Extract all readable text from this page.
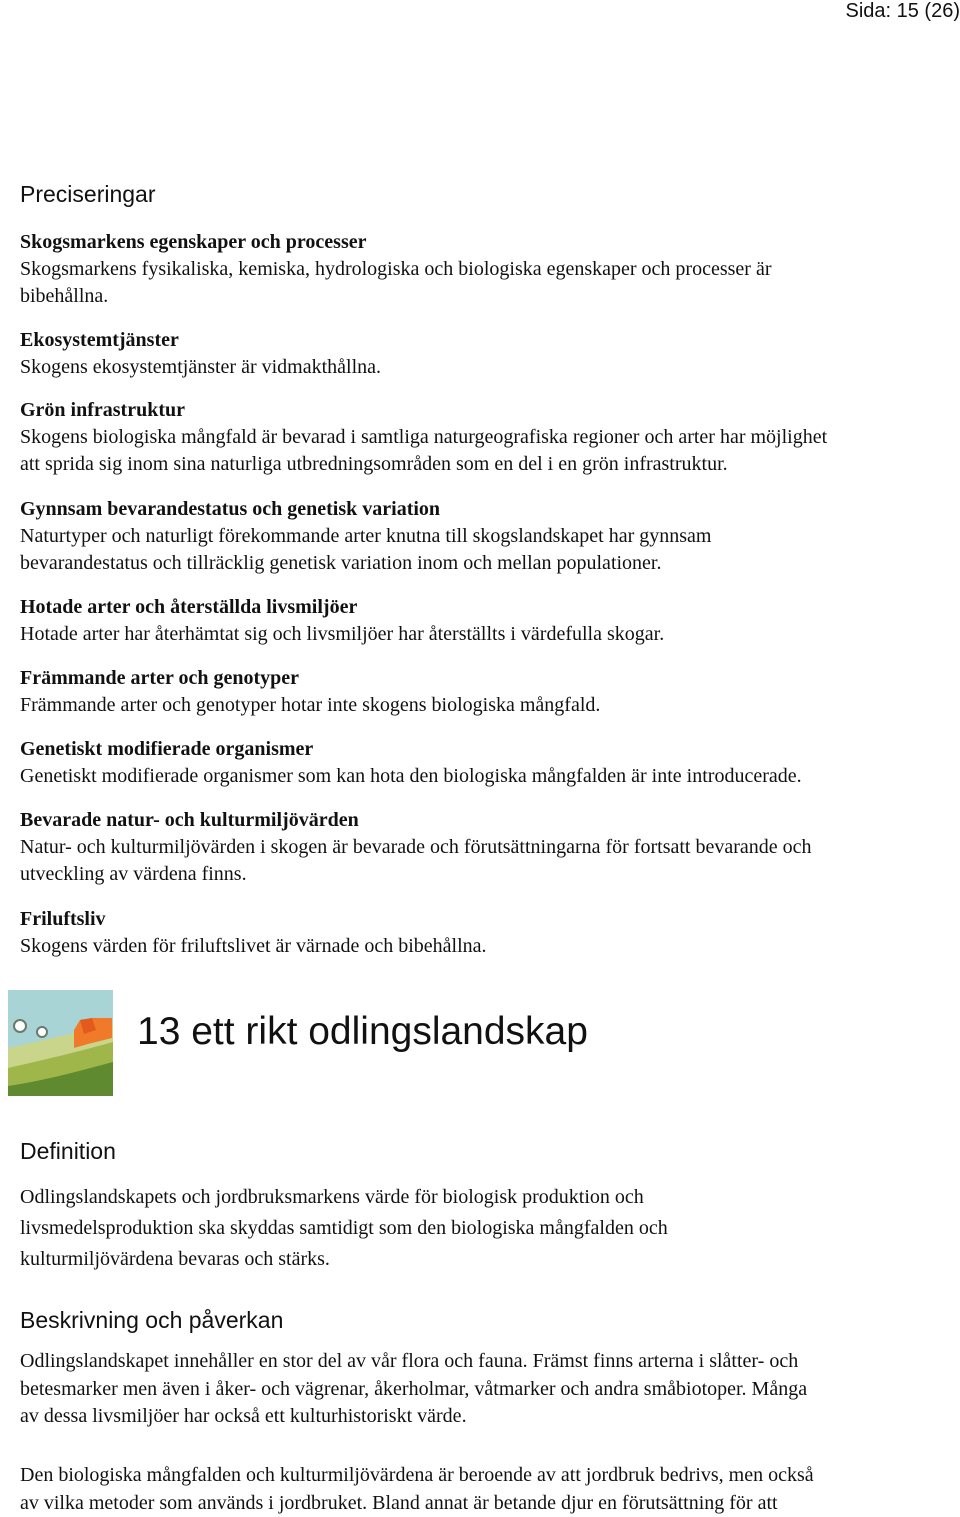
Sida: 15 (26)
Preciseringar

Skogsmarkens egenskaper och processer

Skogsmarkens fysikaliska, kemiska, hydrologiska och biologiska egenskaper och processer är

bibehållna.

Ekosystemtjänster

Skogens ekosystemtjänster är vidmakthållna.

Grön infrastruktur

Skogens biologiska mångfald är bevarad i samtliga naturgeografiska regioner och arter har möjlighet

att sprida sig inom sina naturliga utbredningsområden som en del i en grön infrastruktur.

Gynnsam bevarandestatus och genetisk variation

Naturtyper och naturligt förekommande arter knutna till skogslandskapet har gynnsam

bevarandestatus och tillräcklig genetisk variation inom och mellan populationer.

Hotade arter och återställda livsmiljöer

Hotade arter har återhämtat sig och livsmiljöer har återställts i värdefulla skogar.

Främmande arter och genotyper

Främmande arter och genotyper hotar inte skogens biologiska mångfald.

Genetiskt modifierade organismer

Genetiskt modifierade organismer som kan hota den biologiska mångfalden är inte introducerade.

Bevarade natur- och kulturmiljövärden

Natur- och kulturmiljövärden i skogen är bevarade och förutsättningarna för fortsatt bevarande och

utveckling av värdena finns.

Friluftsliv

Skogens värden för friluftslivet är värnade och bibehållna.

13 ett rikt odlingslandskap
Definition
Odlingslandskapets och jordbruksmarkens värde för biologisk produktion och
livsmedelsproduktion ska skyddas samtidigt som den biologiska mångfalden och
kulturmiljövärdena bevaras och stärks.
Beskrivning och påverkan
Odlingslandskapet innehåller en stor del av vår flora och fauna. Främst finns arterna i slåtter- och
betesmarker men även i åker- och vägrenar, åkerholmar, våtmarker och andra småbiotoper. Många
av dessa livsmiljöer har också ett kulturhistoriskt värde.
Den biologiska mångfalden och kulturmiljövärdena är beroende av att jordbruk bedrivs, men också
av vilka metoder som används i jordbruket. Bland annat är betande djur en förutsättning för att
